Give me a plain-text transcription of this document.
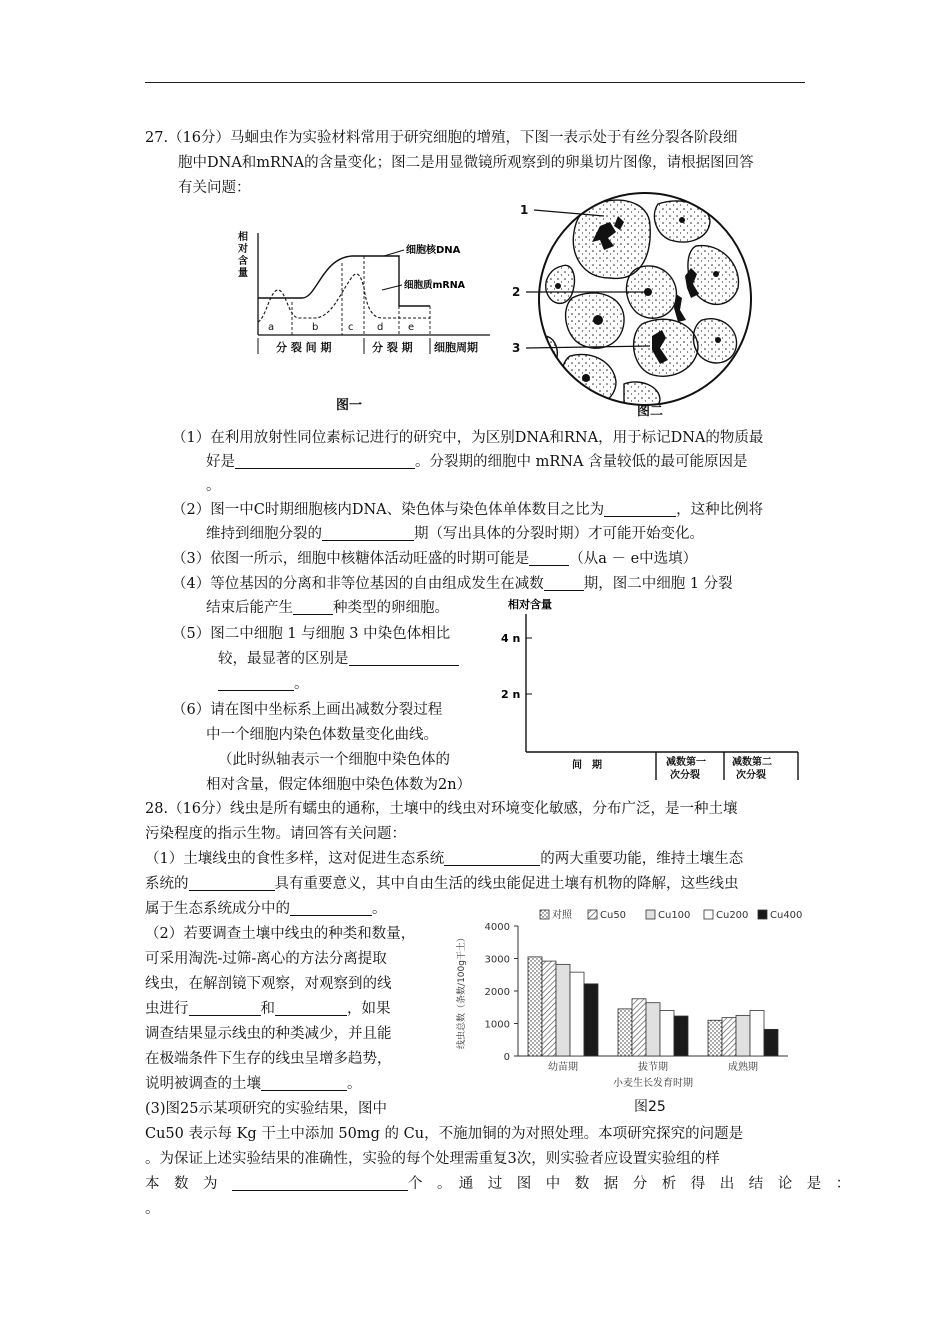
27.（16分）马蛔虫作为实验材料常用于研究细胞的增殖，下图一表示处于有丝分裂各阶段细
胞中DNA和mRNA的含量变化；图二是用显微镜所观察到的卵巢切片图像，请根据图回答
有关问题：
相
对
含
量
a	b	c d e
细胞核DNA
细胞质mRNA
分 裂 间 期	分 裂 期 细胞周期
图一
1
2
3
图二
（1）在利用放射性同位素标记进行的研究中，为区别DNA和RNA，用于标记DNA的物质最
好是	。分裂期的细胞中 mRNA 含量较低的最可能原因是
。
（2）图一中C时期细胞核内DNA、染色体与染色体单体数目之比为	，这种比例将
维持到细胞分裂的	期（写出具体的分裂时期）才可能开始变化。
（3）依图一所示，细胞中核糖体活动旺盛的时期可能是	（从a － e中选填）
（4）等位基因的分离和非等位基因的自由组成发生在减数	期，图二中细胞 1 分裂
结束后能产生	种类型的卵细胞。
（5）图二中细胞 1 与细胞 3 中染色体相比
较，最显著的区别是
。
（6）请在图中坐标系上画出减数分裂过程
中一个细胞内染色体数量变化曲线。
（此时纵轴表示一个细胞中染色体的
相对含量，假定体细胞中染色体数为2n）
相对含量
4 n
2 n
间　期	减数第一
次分裂
减数第二
次分裂
28.（16分）线虫是所有蠕虫的通称，土壤中的线虫对环境变化敏感，分布广泛，是一种土壤
污染程度的指示生物。请回答有关问题：
（1）土壤线虫的食性多样，这对促进生态系统	的两大重要功能，维持土壤生态
系统的	具有重要意义，其中自由生活的线虫能促进土壤有机物的降解，这些线虫
属于生态系统成分中的	。
（2）若要调查土壤中线虫的种类和数量，
可采用淘洗-过筛-离心的方法分离提取
线虫，在解剖镜下观察，对观察到的线
虫进行	和	，如果
调查结果显示线虫的种类减少，并且能
在极端条件下生存的线虫呈增多趋势，
说明被调查的土壤	。
(3)图25示某项研究的实验结果，图中
Cu50 表示每 Kg 干土中添加 50mg 的 Cu，不施加铜的为对照处理。本项研究探究的问题是
。为保证上述实验结果的准确性，实验的每个处理需重复3次，则实验者应设置实验组的样
本　数　为　	个　。　通　过　图　中　数　据　分　析　得　出　结　论　是　：
。
对照	Cu50	Cu100	Cu200 Cu400
0
1000
2000
3000
4000
线虫总数（条数/100g干土）
幼苗期	拔节期	成熟期
小麦生长发育时期
图25
